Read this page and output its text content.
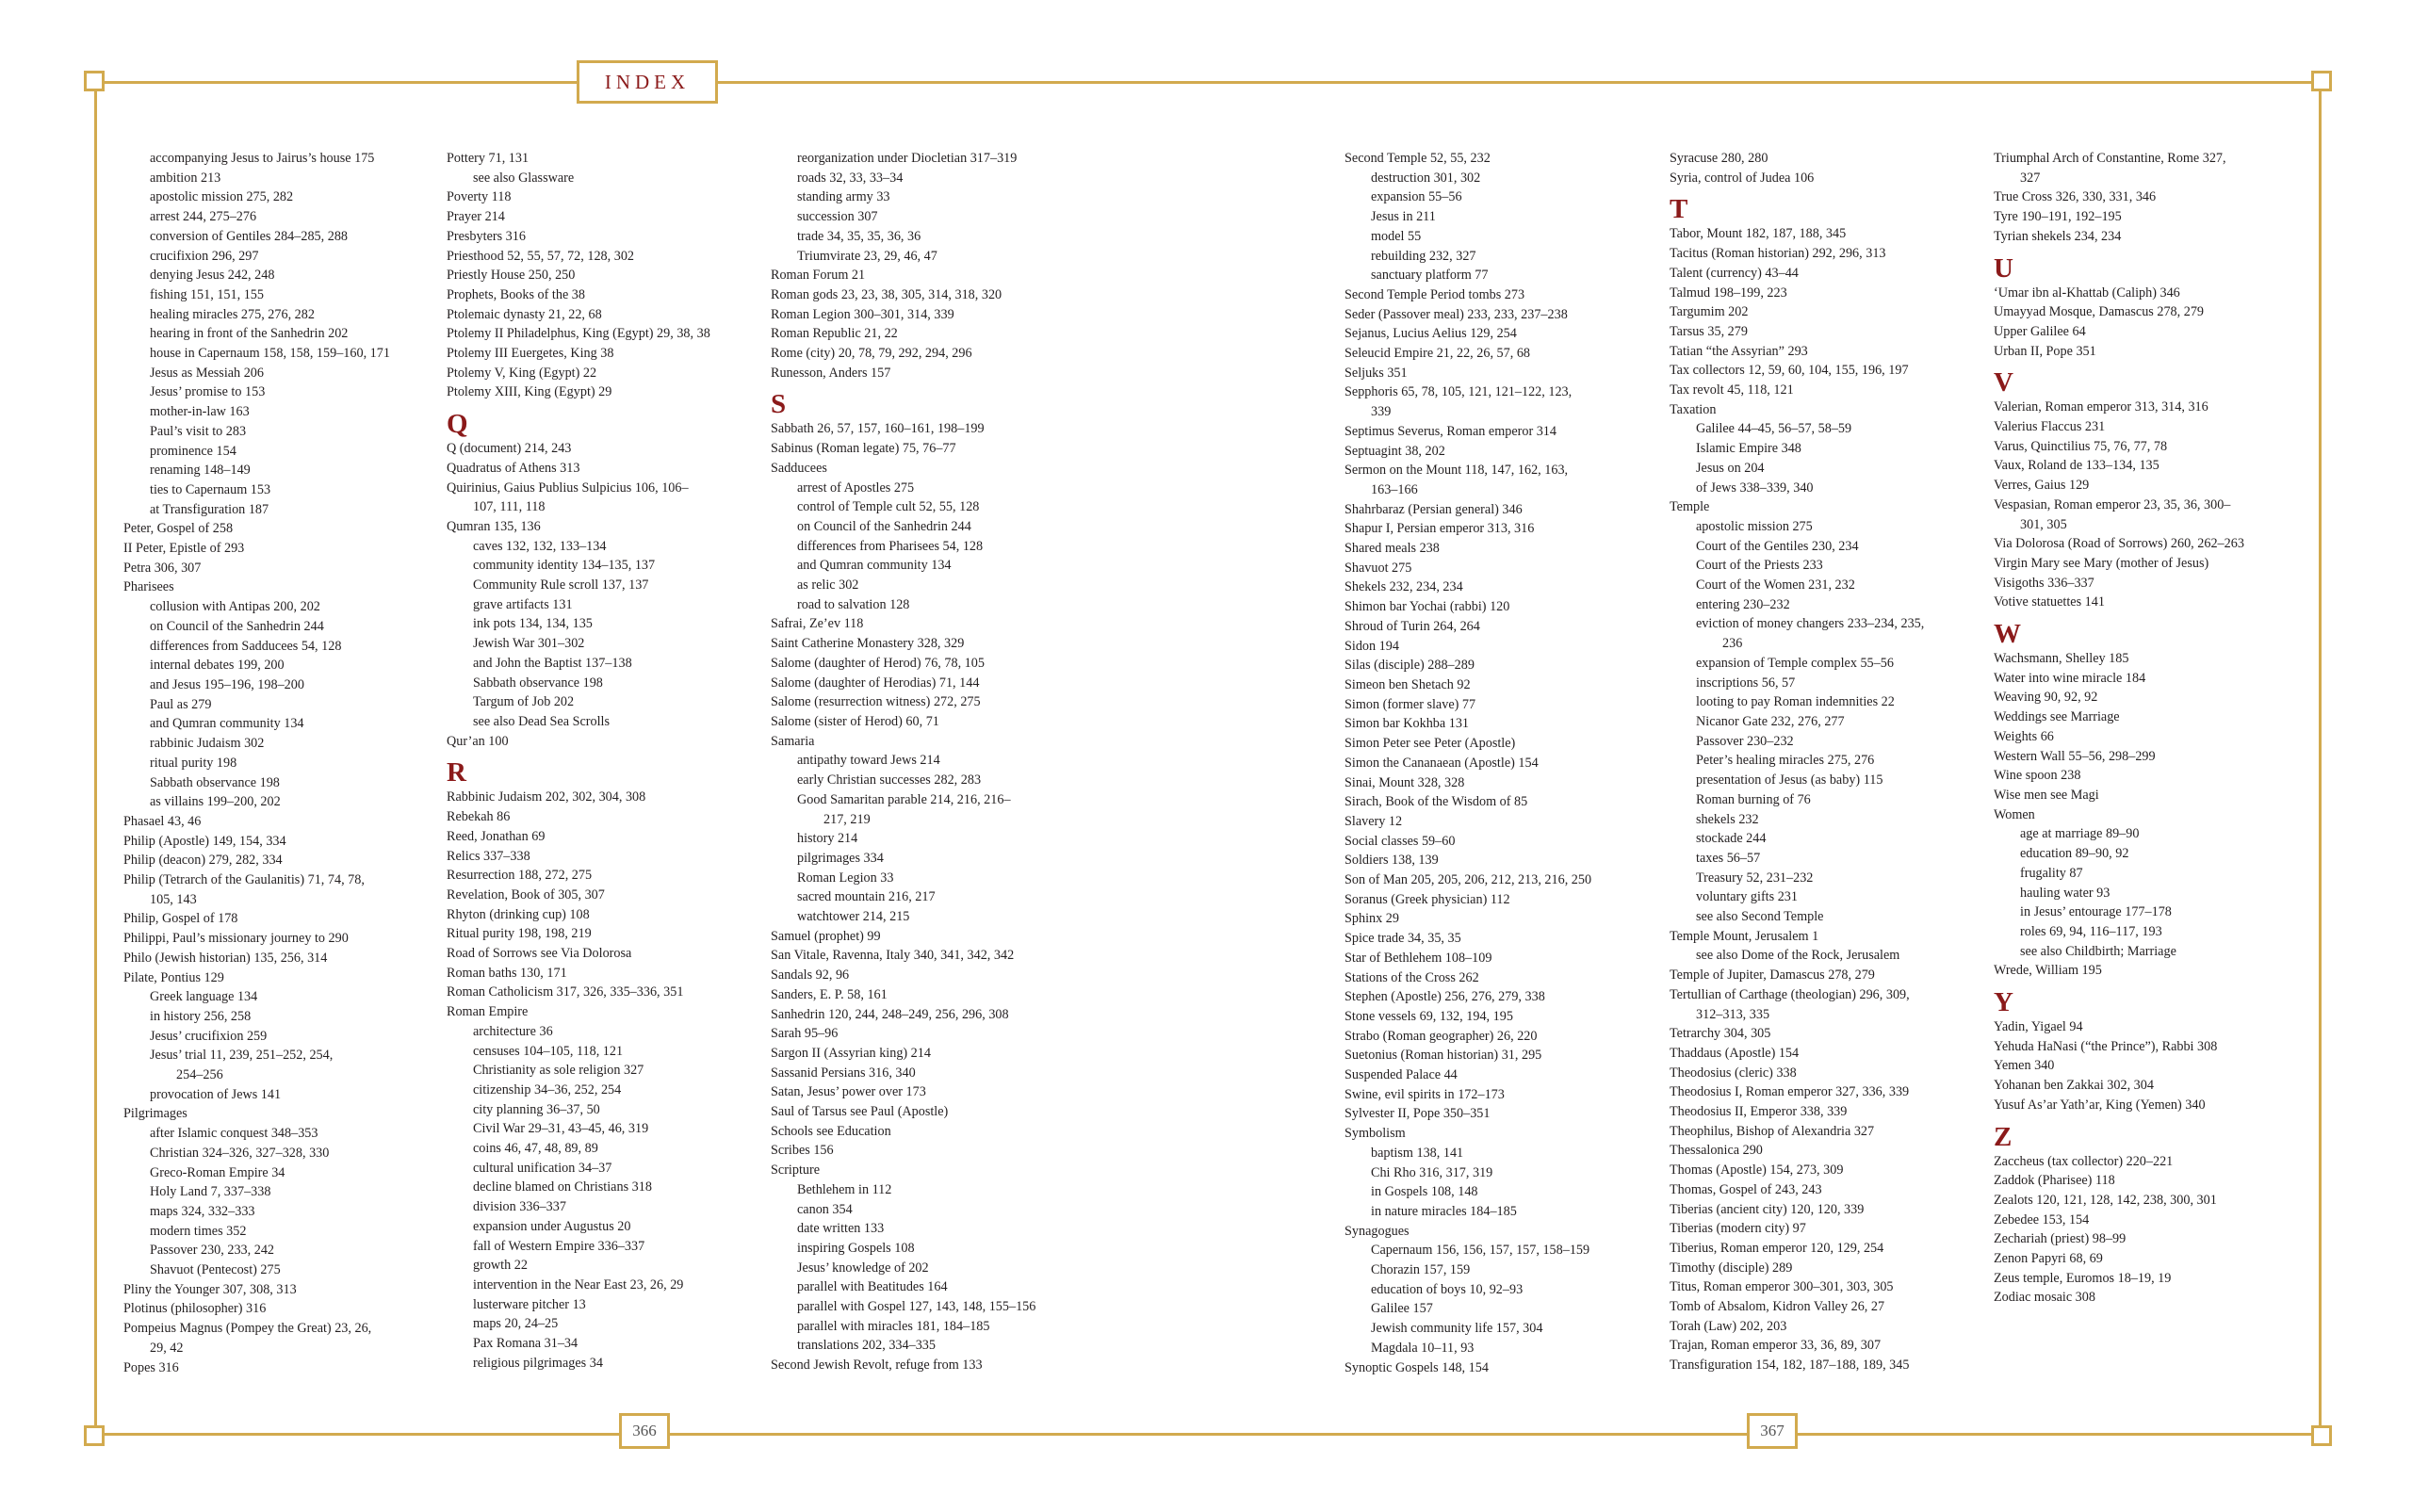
INDEX
366	367
accompanying Jesus to Jairus’s house 175
ambition 213
apostolic mission 275, 282
arrest 244, 275–276
conversion of Gentiles 284–285, 288
crucifixion 296, 297
denying Jesus 242, 248
fishing 151, 151, 155
healing miracles 275, 276, 282
hearing in front of the Sanhedrin 202
house in Capernaum 158, 158, 159–160, 171
Jesus as Messiah 206
Jesus’ promise to 153
mother-in-law 163
Paul’s visit to 283
prominence 154
renaming 148–149
ties to Capernaum 153
at Transfiguration 187
Peter, Gospel of 258
II Peter, Epistle of 293
Petra 306, 307
Pharisees
collusion with Antipas 200, 202
on Council of the Sanhedrin 244
differences from Sadducees 54, 128
internal debates 199, 200
and Jesus 195–196, 198–200
Paul as 279
and Qumran community 134
rabbinic Judaism 302
ritual purity 198
Sabbath observance 198
as villains 199–200, 202
Phasael 43, 46
Philip (Apostle) 149, 154, 334
Philip (deacon) 279, 282, 334
Philip (Tetrarch of the Gaulanitis) 71, 74, 78,
105, 143
Philip, Gospel of 178
Philippi, Paul’s missionary journey to 290
Philo (Jewish historian) 135, 256, 314
Pilate, Pontius 129
Greek language 134
in history 256, 258
Jesus’ crucifixion 259
Jesus’ trial 11, 239, 251–252, 254,
254–256
provocation of Jews 141
Pilgrimages
after Islamic conquest 348–353
Christian 324–326, 327–328, 330
Greco-Roman Empire 34
Holy Land 7, 337–338
maps 324, 332–333
modern times 352
Passover 230, 233, 242
Shavuot (Pentecost) 275
Pliny the Younger 307, 308, 313
Plotinus (philosopher) 316
Pompeius Magnus (Pompey the Great) 23, 26,
29, 42
Popes 316
Pottery 71, 131
see also Glassware
Poverty 118
Prayer 214
Presbyters 316
Priesthood 52, 55, 57, 72, 128, 302
Priestly House 250, 250
Prophets, Books of the 38
Ptolemaic dynasty 21, 22, 68
Ptolemy II Philadelphus, King (Egypt) 29, 38, 38
Ptolemy III Euergetes, King 38
Ptolemy V, King (Egypt) 22
Ptolemy XIII, King (Egypt) 29
Q
Q (document) 214, 243
Quadratus of Athens 313
Quirinius, Gaius Publius Sulpicius 106, 106–
107, 111, 118
Qumran 135, 136
caves 132, 132, 133–134
community identity 134–135, 137
Community Rule scroll 137, 137
grave artifacts 131
ink pots 134, 134, 135
Jewish War 301–302
and John the Baptist 137–138
Sabbath observance 198
Targum of Job 202
see also Dead Sea Scrolls
Qur’an 100
R
Rabbinic Judaism 202, 302, 304, 308
Rebekah 86
Reed, Jonathan 69
Relics 337–338
Resurrection 188, 272, 275
Revelation, Book of 305, 307
Rhyton (drinking cup) 108
Ritual purity 198, 198, 219
Road of Sorrows see Via Dolorosa
Roman baths 130, 171
Roman Catholicism 317, 326, 335–336, 351
Roman Empire
architecture 36
censuses 104–105, 118, 121
Christianity as sole religion 327
citizenship 34–36, 252, 254
city planning 36–37, 50
Civil War 29–31, 43–45, 46, 319
coins 46, 47, 48, 89, 89
cultural unification 34–37
decline blamed on Christians 318
division 336–337
expansion under Augustus 20
fall of Western Empire 336–337
growth 22
intervention in the Near East 23, 26, 29
lusterware pitcher 13
maps 20, 24–25
Pax Romana 31–34
religious pilgrimages 34
reorganization under Diocletian 317–319
roads 32, 33, 33–34
standing army 33
succession 307
trade 34, 35, 35, 36, 36
Triumvirate 23, 29, 46, 47
Roman Forum 21
Roman gods 23, 23, 38, 305, 314, 318, 320
Roman Legion 300–301, 314, 339
Roman Republic 21, 22
Rome (city) 20, 78, 79, 292, 294, 296
Runesson, Anders 157
S
Sabbath 26, 57, 157, 160–161, 198–199
Sabinus (Roman legate) 75, 76–77
Sadducees
arrest of Apostles 275
control of Temple cult 52, 55, 128
on Council of the Sanhedrin 244
differences from Pharisees 54, 128
and Qumran community 134
as relic 302
road to salvation 128
Safrai, Ze’ev 118
Saint Catherine Monastery 328, 329
Salome (daughter of Herod) 76, 78, 105
Salome (daughter of Herodias) 71, 144
Salome (resurrection witness) 272, 275
Salome (sister of Herod) 60, 71
Samaria
antipathy toward Jews 214
early Christian successes 282, 283
Good Samaritan parable 214, 216, 216–
217, 219
history 214
pilgrimages 334
Roman Legion 33
sacred mountain 216, 217
watchtower 214, 215
Samuel (prophet) 99
San Vitale, Ravenna, Italy 340, 341, 342, 342
Sandals 92, 96
Sanders, E. P. 58, 161
Sanhedrin 120, 244, 248–249, 256, 296, 308
Sarah 95–96
Sargon II (Assyrian king) 214
Sassanid Persians 316, 340
Satan, Jesus’ power over 173
Saul of Tarsus see Paul (Apostle)
Schools see Education
Scribes 156
Scripture
Bethlehem in 112
canon 354
date written 133
inspiring Gospels 108
Jesus’ knowledge of 202
parallel with Beatitudes 164
parallel with Gospel 127, 143, 148, 155–156
parallel with miracles 181, 184–185
translations 202, 334–335
Second Jewish Revolt, refuge from 133
Second Temple 52, 55, 232
destruction 301, 302
expansion 55–56
Jesus in 211
model 55
rebuilding 232, 327
sanctuary platform 77
Second Temple Period tombs 273
Seder (Passover meal) 233, 233, 237–238
Sejanus, Lucius Aelius 129, 254
Seleucid Empire 21, 22, 26, 57, 68
Seljuks 351
Sepphoris 65, 78, 105, 121, 121–122, 123,
339
Septimus Severus, Roman emperor 314
Septuagint 38, 202
Sermon on the Mount 118, 147, 162, 163,
163–166
Shahrbaraz (Persian general) 346
Shapur I, Persian emperor 313, 316
Shared meals 238
Shavuot 275
Shekels 232, 234, 234
Shimon bar Yochai (rabbi) 120
Shroud of Turin 264, 264
Sidon 194
Silas (disciple) 288–289
Simeon ben Shetach 92
Simon (former slave) 77
Simon bar Kokhba 131
Simon Peter see Peter (Apostle)
Simon the Cananaean (Apostle) 154
Sinai, Mount 328, 328
Sirach, Book of the Wisdom of 85
Slavery 12
Social classes 59–60
Soldiers 138, 139
Son of Man 205, 205, 206, 212, 213, 216, 250
Soranus (Greek physician) 112
Sphinx 29
Spice trade 34, 35, 35
Star of Bethlehem 108–109
Stations of the Cross 262
Stephen (Apostle) 256, 276, 279, 338
Stone vessels 69, 132, 194, 195
Strabo (Roman geographer) 26, 220
Suetonius (Roman historian) 31, 295
Suspended Palace 44
Swine, evil spirits in 172–173
Sylvester II, Pope 350–351
Symbolism
baptism 138, 141
Chi Rho 316, 317, 319
in Gospels 108, 148
in nature miracles 184–185
Synagogues
Capernaum 156, 156, 157, 157, 158–159
Chorazin 157, 159
education of boys 10, 92–93
Galilee 157
Jewish community life 157, 304
Magdala 10–11, 93
Synoptic Gospels 148, 154
Syracuse 280, 280
Syria, control of Judea 106
T
Tabor, Mount 182, 187, 188, 345
Tacitus (Roman historian) 292, 296, 313
Talent (currency) 43–44
Talmud 198–199, 223
Targumim 202
Tarsus 35, 279
Tatian “the Assyrian” 293
Tax collectors 12, 59, 60, 104, 155, 196, 197
Tax revolt 45, 118, 121
Taxation
Galilee 44–45, 56–57, 58–59
Islamic Empire 348
Jesus on 204
of Jews 338–339, 340
Temple
apostolic mission 275
Court of the Gentiles 230, 234
Court of the Priests 233
Court of the Women 231, 232
entering 230–232
eviction of money changers 233–234, 235,
236
expansion of Temple complex 55–56
inscriptions 56, 57
looting to pay Roman indemnities 22
Nicanor Gate 232, 276, 277
Passover 230–232
Peter’s healing miracles 275, 276
presentation of Jesus (as baby) 115
Roman burning of 76
shekels 232
stockade 244
taxes 56–57
Treasury 52, 231–232
voluntary gifts 231
see also Second Temple
Temple Mount, Jerusalem 1
see also Dome of the Rock, Jerusalem
Temple of Jupiter, Damascus 278, 279
Tertullian of Carthage (theologian) 296, 309,
312–313, 335
Tetrarchy 304, 305
Thaddaus (Apostle) 154
Theodosius (cleric) 338
Theodosius I, Roman emperor 327, 336, 339
Theodosius II, Emperor 338, 339
Theophilus, Bishop of Alexandria 327
Thessalonica 290
Thomas (Apostle) 154, 273, 309
Thomas, Gospel of 243, 243
Tiberias (ancient city) 120, 120, 339
Tiberias (modern city) 97
Tiberius, Roman emperor 120, 129, 254
Timothy (disciple) 289
Titus, Roman emperor 300–301, 303, 305
Tomb of Absalom, Kidron Valley 26, 27
Torah (Law) 202, 203
Trajan, Roman emperor 33, 36, 89, 307
Transfiguration 154, 182, 187–188, 189, 345
Triumphal Arch of Constantine, Rome 327,
327
True Cross 326, 330, 331, 346
Tyre 190–191, 192–195
Tyrian shekels 234, 234
U
‘Umar ibn al-Khattab (Caliph) 346
Umayyad Mosque, Damascus 278, 279
Upper Galilee 64
Urban II, Pope 351
V
Valerian, Roman emperor 313, 314, 316
Valerius Flaccus 231
Varus, Quinctilius 75, 76, 77, 78
Vaux, Roland de 133–134, 135
Verres, Gaius 129
Vespasian, Roman emperor 23, 35, 36, 300–
301, 305
Via Dolorosa (Road of Sorrows) 260, 262–263
Virgin Mary see Mary (mother of Jesus)
Visigoths 336–337
Votive statuettes 141
W
Wachsmann, Shelley 185
Water into wine miracle 184
Weaving 90, 92, 92
Weddings see Marriage
Weights 66
Western Wall 55–56, 298–299
Wine spoon 238
Wise men see Magi
Women
age at marriage 89–90
education 89–90, 92
frugality 87
hauling water 93
in Jesus’ entourage 177–178
roles 69, 94, 116–117, 193
see also Childbirth; Marriage
Wrede, William 195
Y
Yadin, Yigael 94
Yehuda HaNasi (“the Prince”), Rabbi 308
Yemen 340
Yohanan ben Zakkai 302, 304
Yusuf As’ar Yath’ar, King (Yemen) 340
Z
Zaccheus (tax collector) 220–221
Zaddok (Pharisee) 118
Zealots 120, 121, 128, 142, 238, 300, 301
Zebedee 153, 154
Zechariah (priest) 98–99
Zenon Papyri 68, 69
Zeus temple, Euromos 18–19, 19
Zodiac mosaic 308
